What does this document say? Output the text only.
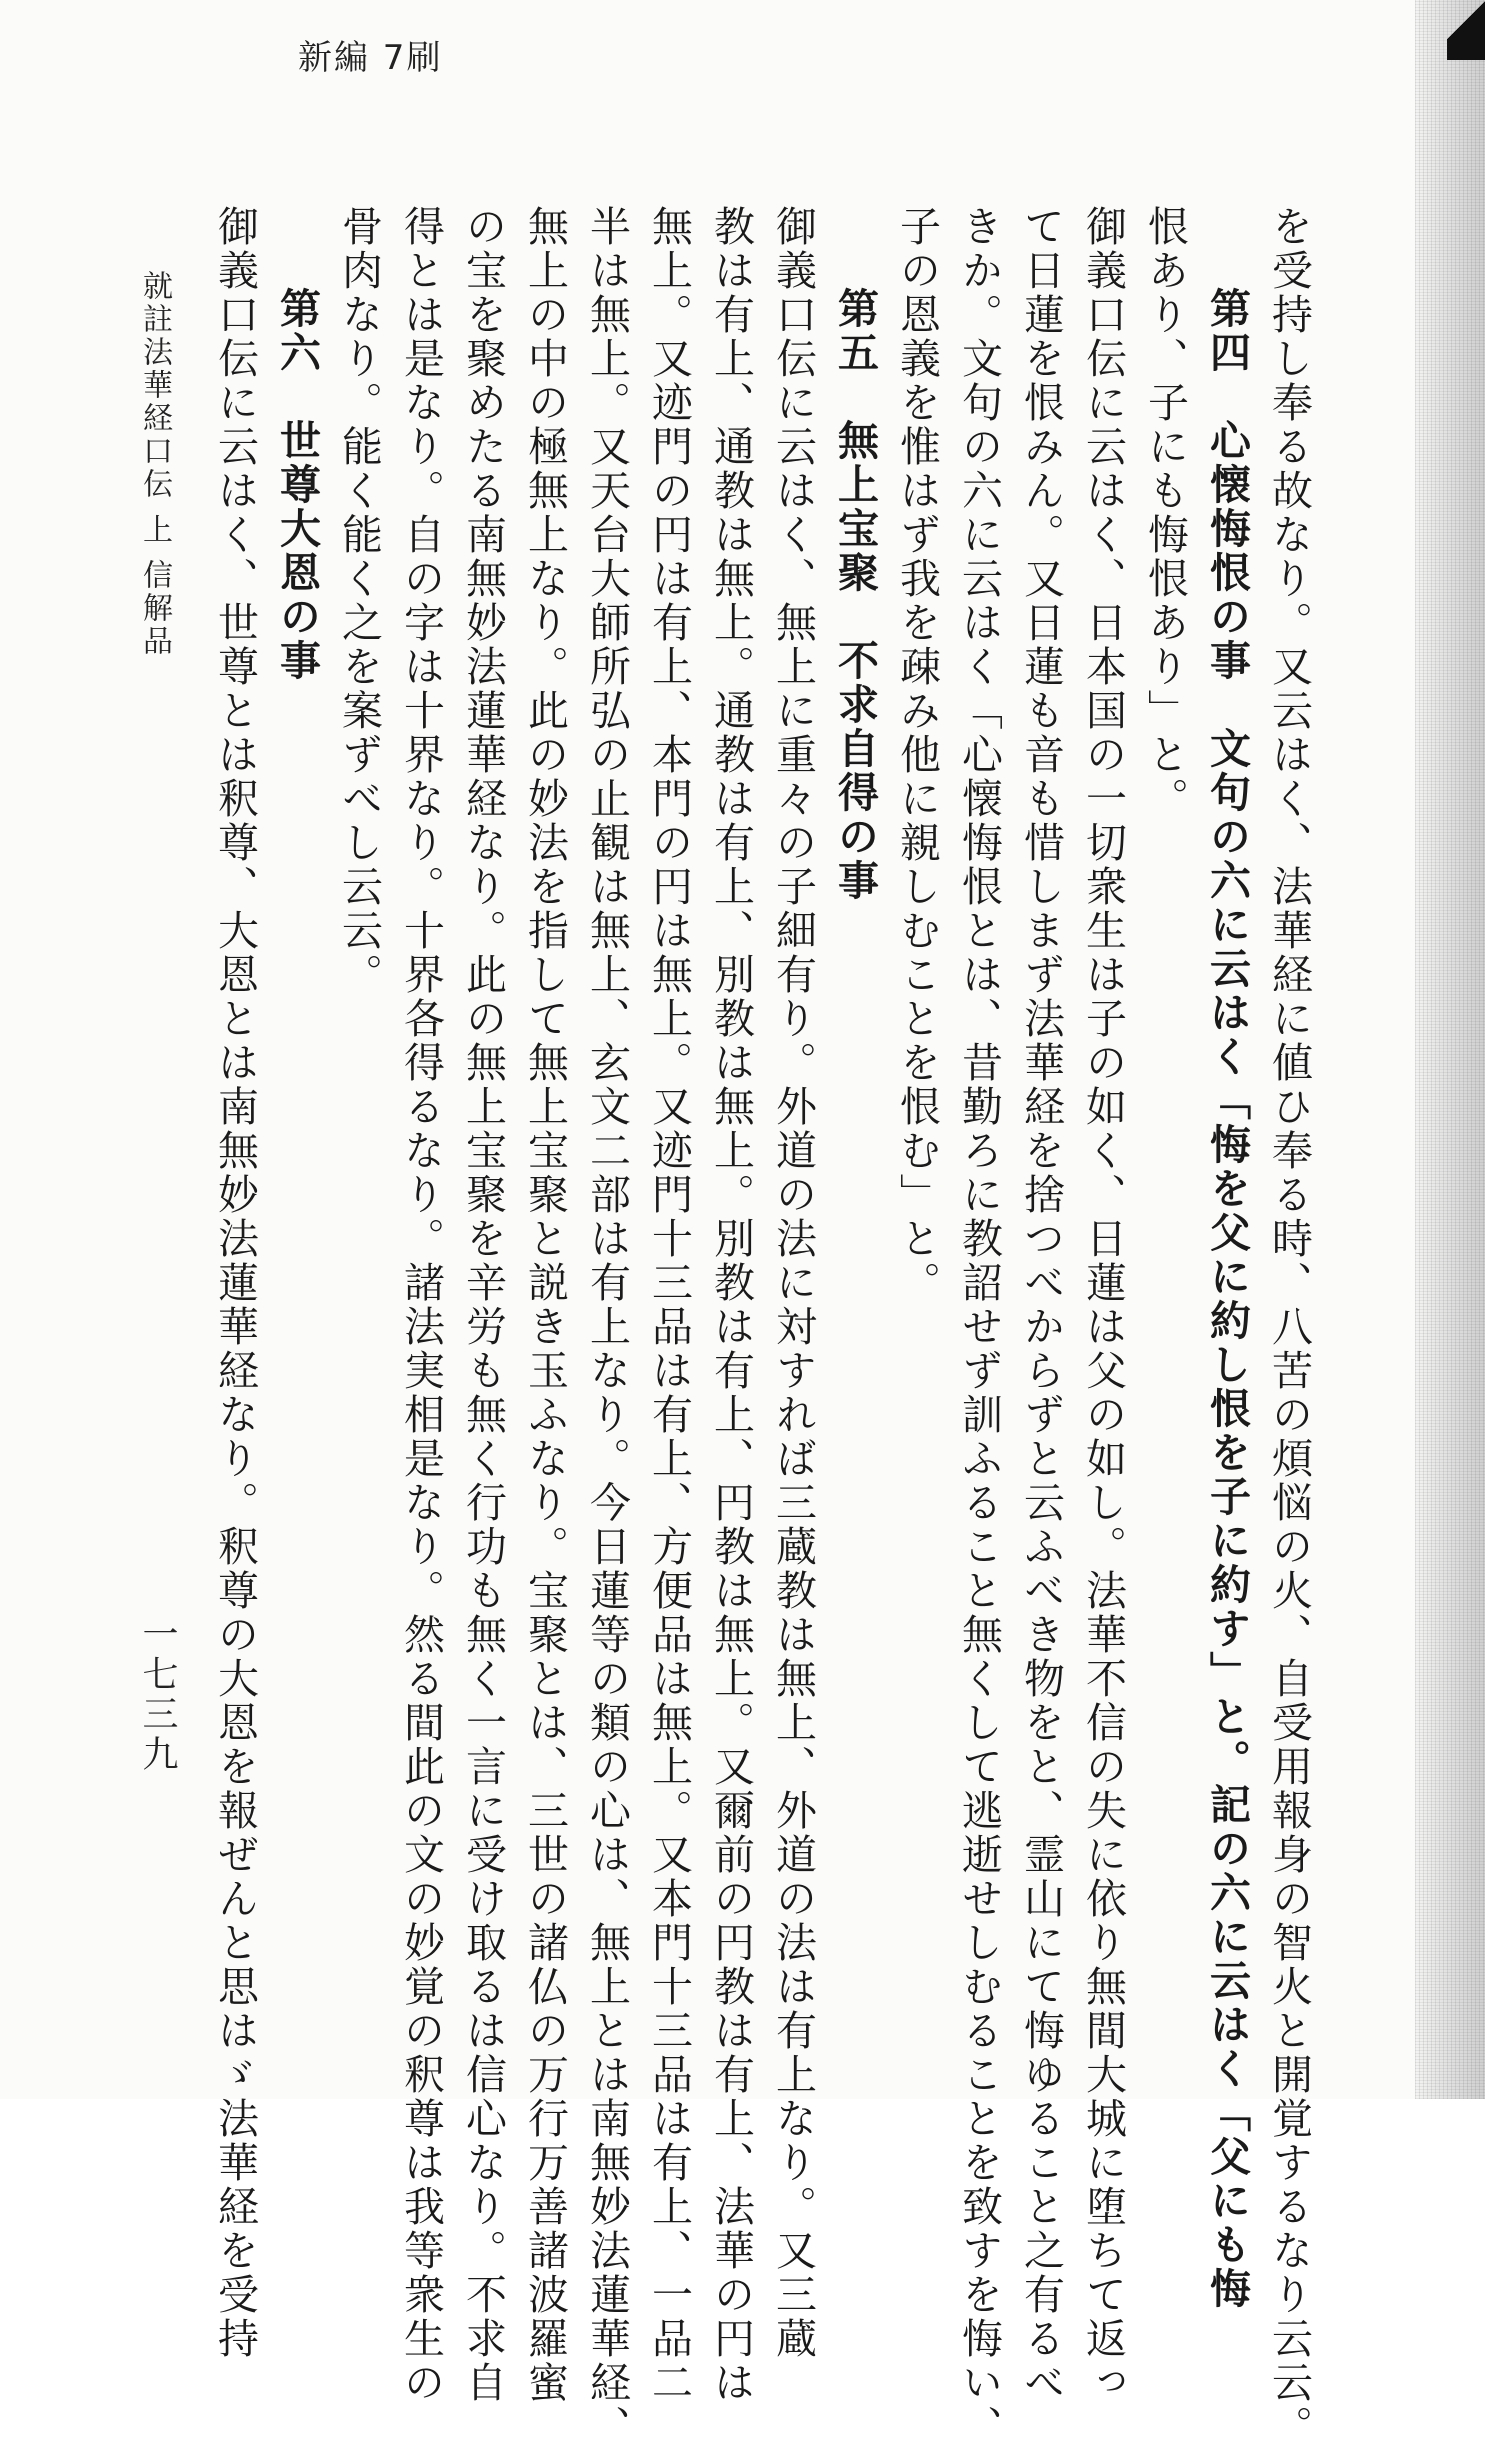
新編 7刷
を受持し奉る故なり。又云はく、法華経に値ひ奉る時、八苦の煩悩の火、自受用報身の智火と開覚するなり云云。
第四　心懐悔恨の事　文句の六に云はく「悔を父に約し恨を子に約す」と。記の六に云はく「父にも悔
恨あり、子にも悔恨あり」と。
御義口伝に云はく、日本国の一切衆生は子の如く、日蓮は父の如し。法華不信の失に依り無間大城に堕ちて返っ
て日蓮を恨みん。又日蓮も音も惜しまず法華経を捨つべからずと云ふべき物をと、霊山にて悔ゆること之有るべ
きか。文句の六に云はく「心懐悔恨とは、昔勤ろに教詔せず訓ふること無くして逃逝せしむることを致すを悔い、
子の恩義を惟はず我を疎み他に親しむことを恨む」と。
第五　無上宝聚　不求自得の事
御義口伝に云はく、無上に重々の子細有り。外道の法に対すれば三蔵教は無上、外道の法は有上なり。又三蔵
教は有上、通教は無上。通教は有上、別教は無上。別教は有上、円教は無上。又爾前の円教は有上、法華の円は
無上。又迹門の円は有上、本門の円は無上。又迹門十三品は有上、方便品は無上。又本門十三品は有上、一品二
半は無上。又天台大師所弘の止観は無上、玄文二部は有上なり。今日蓮等の類の心は、無上とは南無妙法蓮華経、
無上の中の極無上なり。此の妙法を指して無上宝聚と説き玉ふなり。宝聚とは、三世の諸仏の万行万善諸波羅蜜
の宝を聚めたる南無妙法蓮華経なり。此の無上宝聚を辛労も無く行功も無く一言に受け取るは信心なり。不求自
得とは是なり。自の字は十界なり。十界各得るなり。諸法実相是なり。然る間此の文の妙覚の釈尊は我等衆生の
骨肉なり。能く能く之を案ずべし云云。
第六　世尊大恩の事
御義口伝に云はく、世尊とは釈尊、大恩とは南無妙法蓮華経なり。釈尊の大恩を報ぜんと思はゞ法華経を受持
就註法華経口伝 上 信解品
一七三九
